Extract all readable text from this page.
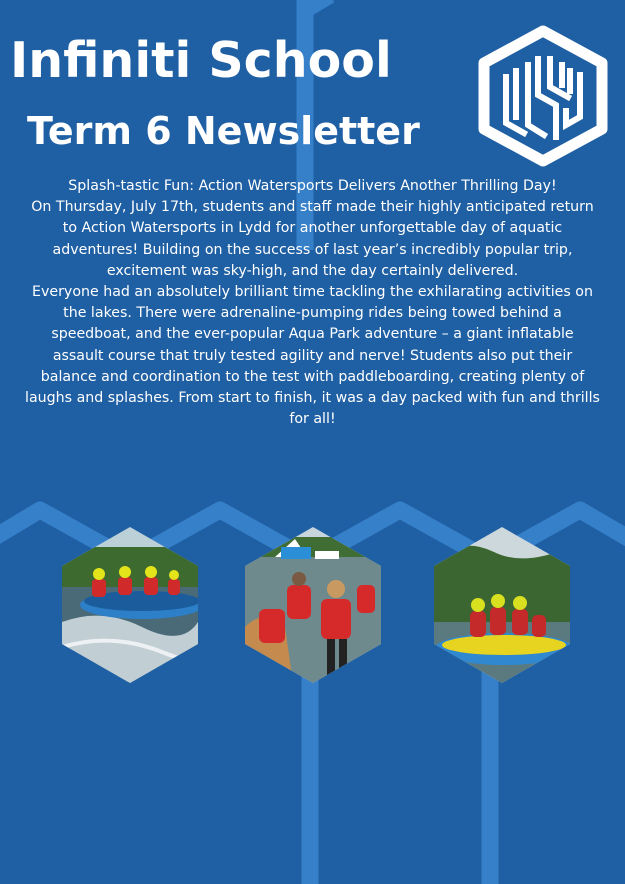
Infiniti School
Term 6 Newsletter

Splash-tastic Fun: Action Watersports Delivers Another Thrilling Day!

On Thursday, July 17th, students and staff made their highly anticipated return to Action Watersports in Lydd for another unforgettable day of aquatic adventures! Building on the success of last year’s incredibly popular trip, excitement was sky-high, and the day certainly delivered.

Everyone had an absolutely brilliant time tackling the exhilarating activities on the lakes. There were adrenaline-pumping rides being towed behind a speedboat, and the ever-popular Aqua Park adventure – a giant inflatable assault course that truly tested agility and nerve! Students also put their balance and coordination to the test with paddleboarding, creating plenty of laughs and splashes. From start to finish, it was a day packed with fun and thrills for all!
